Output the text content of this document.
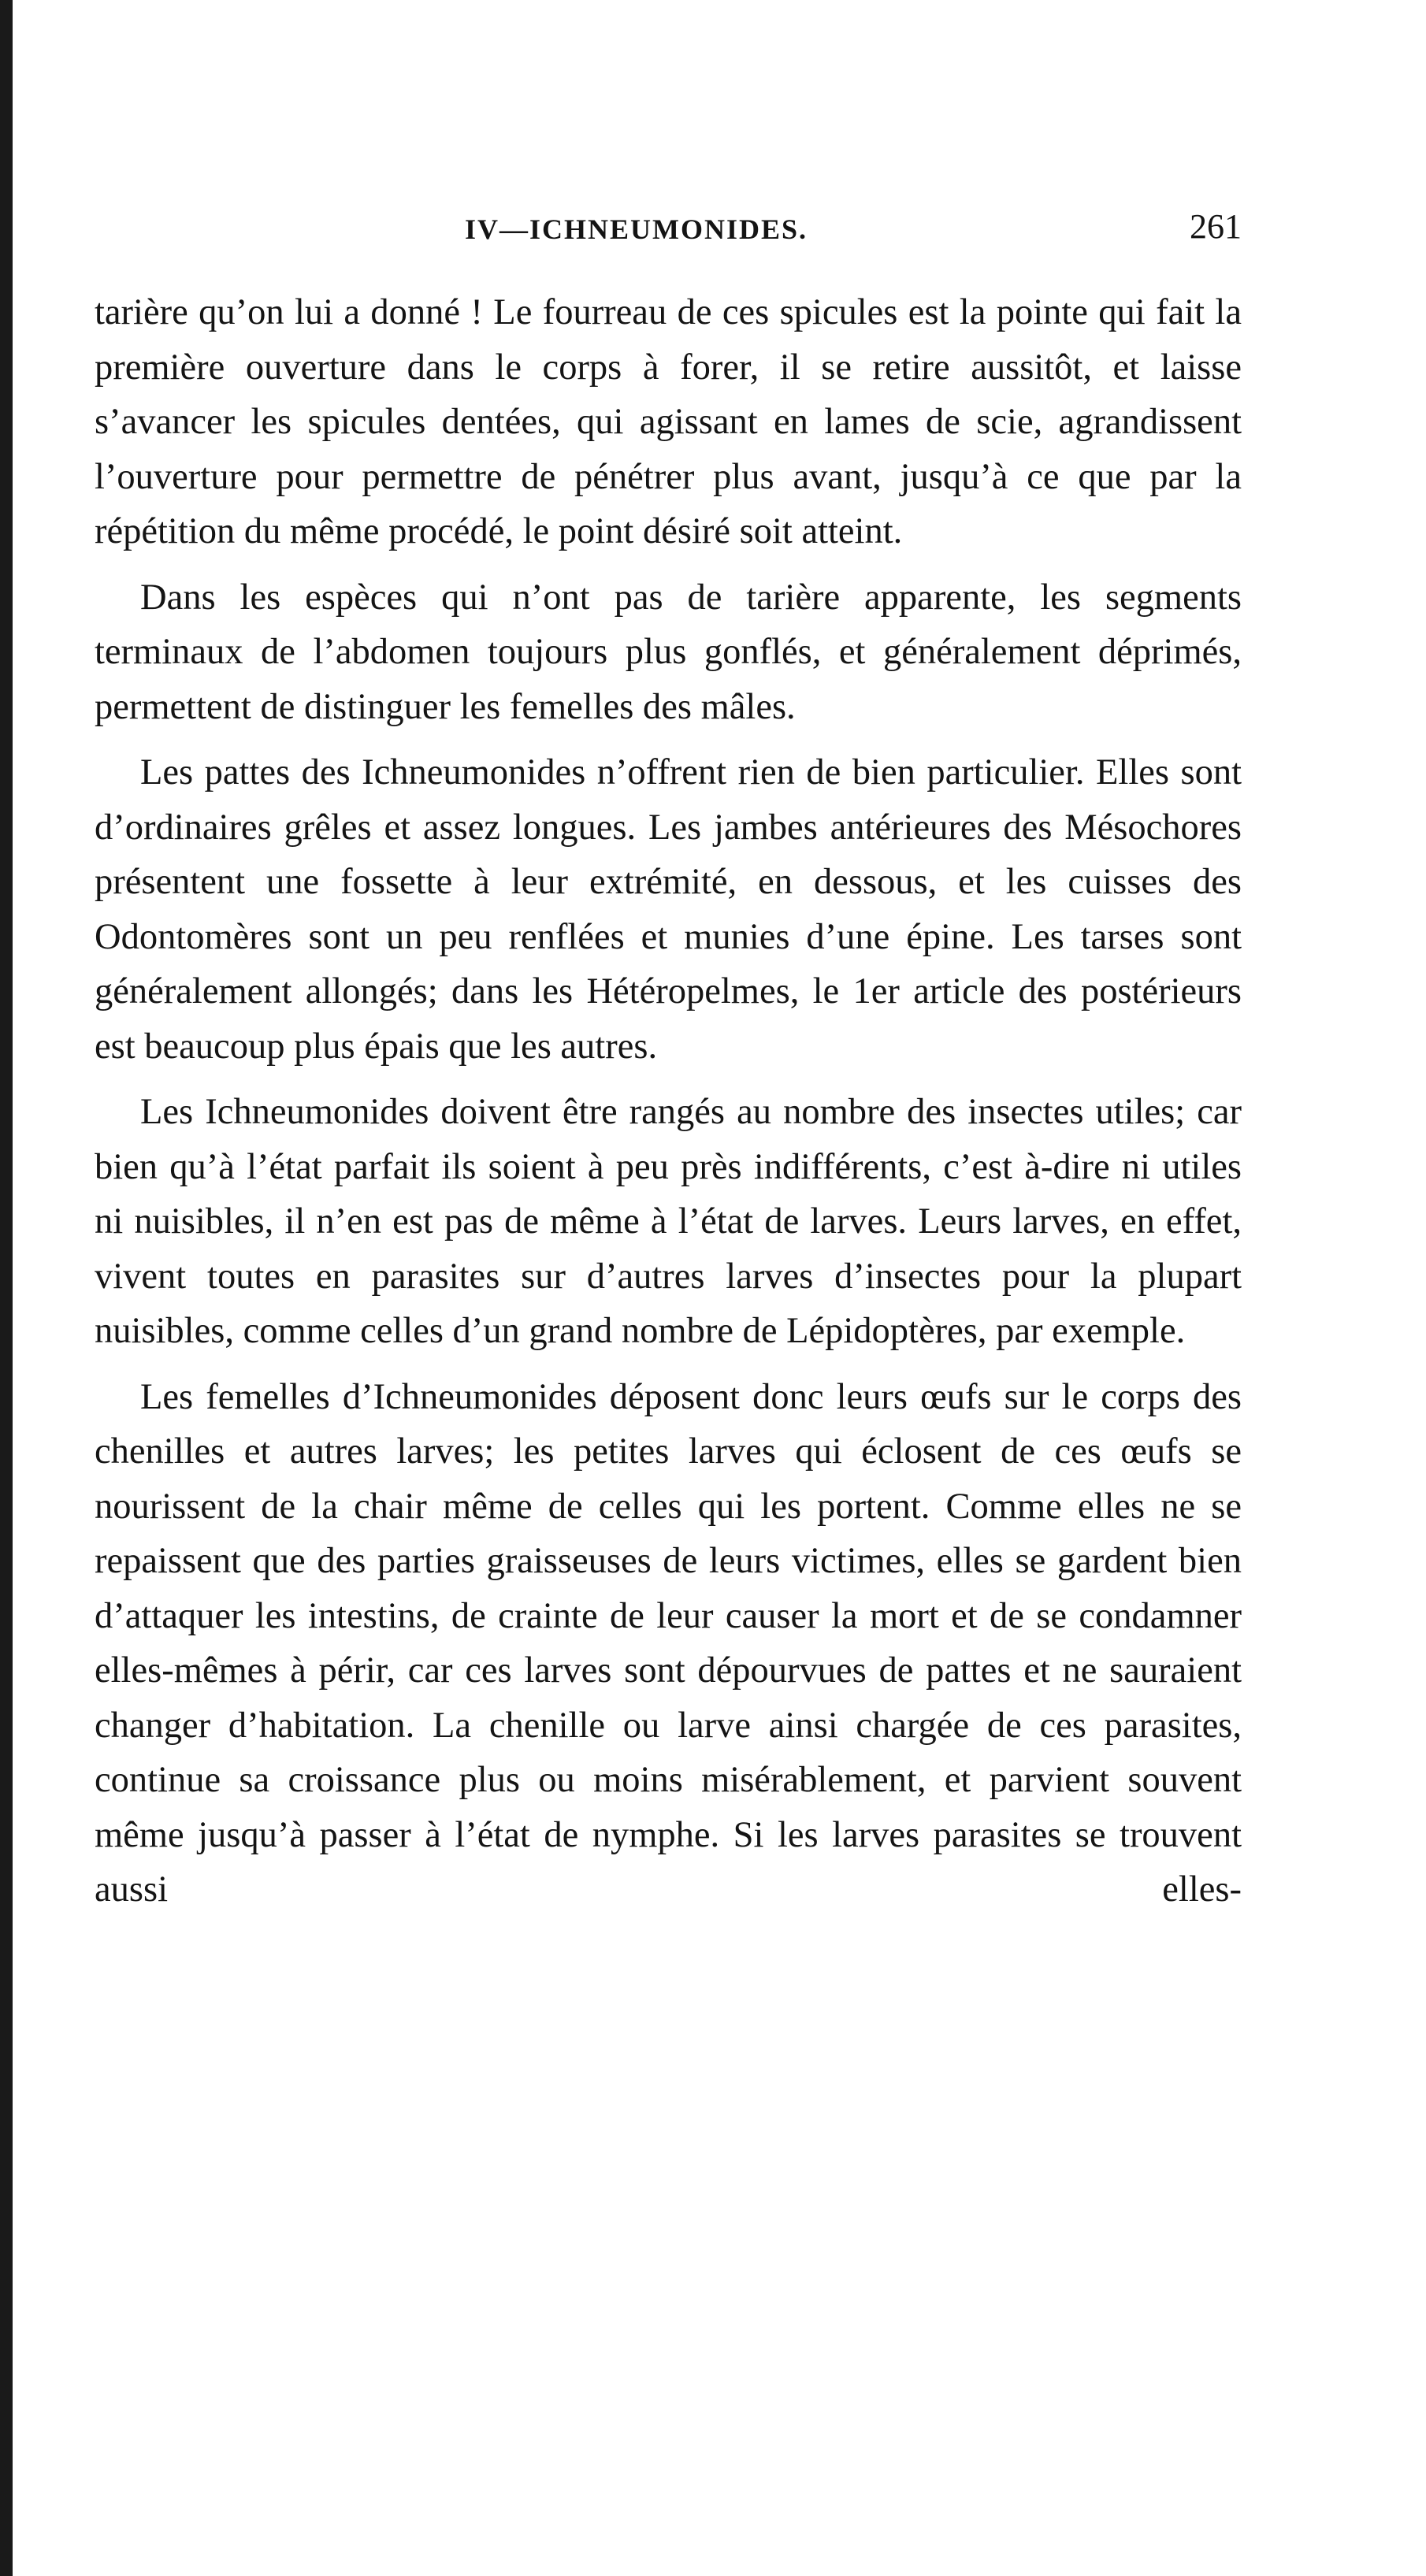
IV—ICHNEUMONIDES.	261

tarière qu’on lui a donné ! Le fourreau de ces spicules est la pointe qui fait la première ouverture dans le corps à forer, il se retire aussitôt, et laisse s’avancer les spicules dentées, qui agissant en lames de scie, agrandissent l’ouverture pour permettre de pénétrer plus avant, jusqu’à ce que par la répétition du même procédé, le point désiré soit atteint.

Dans les espèces qui n’ont pas de tarière apparente, les segments terminaux de l’abdomen toujours plus gonflés, et généralement déprimés, permettent de distinguer les femelles des mâles.

Les pattes des Ichneumonides n’offrent rien de bien particulier. Elles sont d’ordinaires grêles et assez longues. Les jambes antérieures des Mésochores présentent une fossette à leur extrémité, en dessous, et les cuisses des Odontomères sont un peu renflées et munies d’une épine. Les tarses sont généralement allongés; dans les Hétéropelmes, le 1er article des postérieurs est beaucoup plus épais que les autres.

Les Ichneumonides doivent être rangés au nombre des insectes utiles; car bien qu’à l’état parfait ils soient à peu près indifférents, c’est à-dire ni utiles ni nuisibles, il n’en est pas de même à l’état de larves. Leurs larves, en effet, vivent toutes en parasites sur d’autres larves d’insectes pour la plupart nuisibles, comme celles d’un grand nombre de Lépidoptères, par exemple.

Les femelles d’Ichneumonides déposent donc leurs œufs sur le corps des chenilles et autres larves; les petites larves qui éclosent de ces œufs se nourissent de la chair même de celles qui les portent. Comme elles ne se repaissent que des parties graisseuses de leurs victimes, elles se gardent bien d’attaquer les intestins, de crainte de leur causer la mort et de se condamner elles-mêmes à périr, car ces larves sont dépourvues de pattes et ne sauraient changer d’habitation. La chenille ou larve ainsi chargée de ces parasites, continue sa croissance plus ou moins misérablement, et parvient souvent même jusqu’à passer à l’état de nymphe. Si les larves parasites se trouvent aussi elles-
